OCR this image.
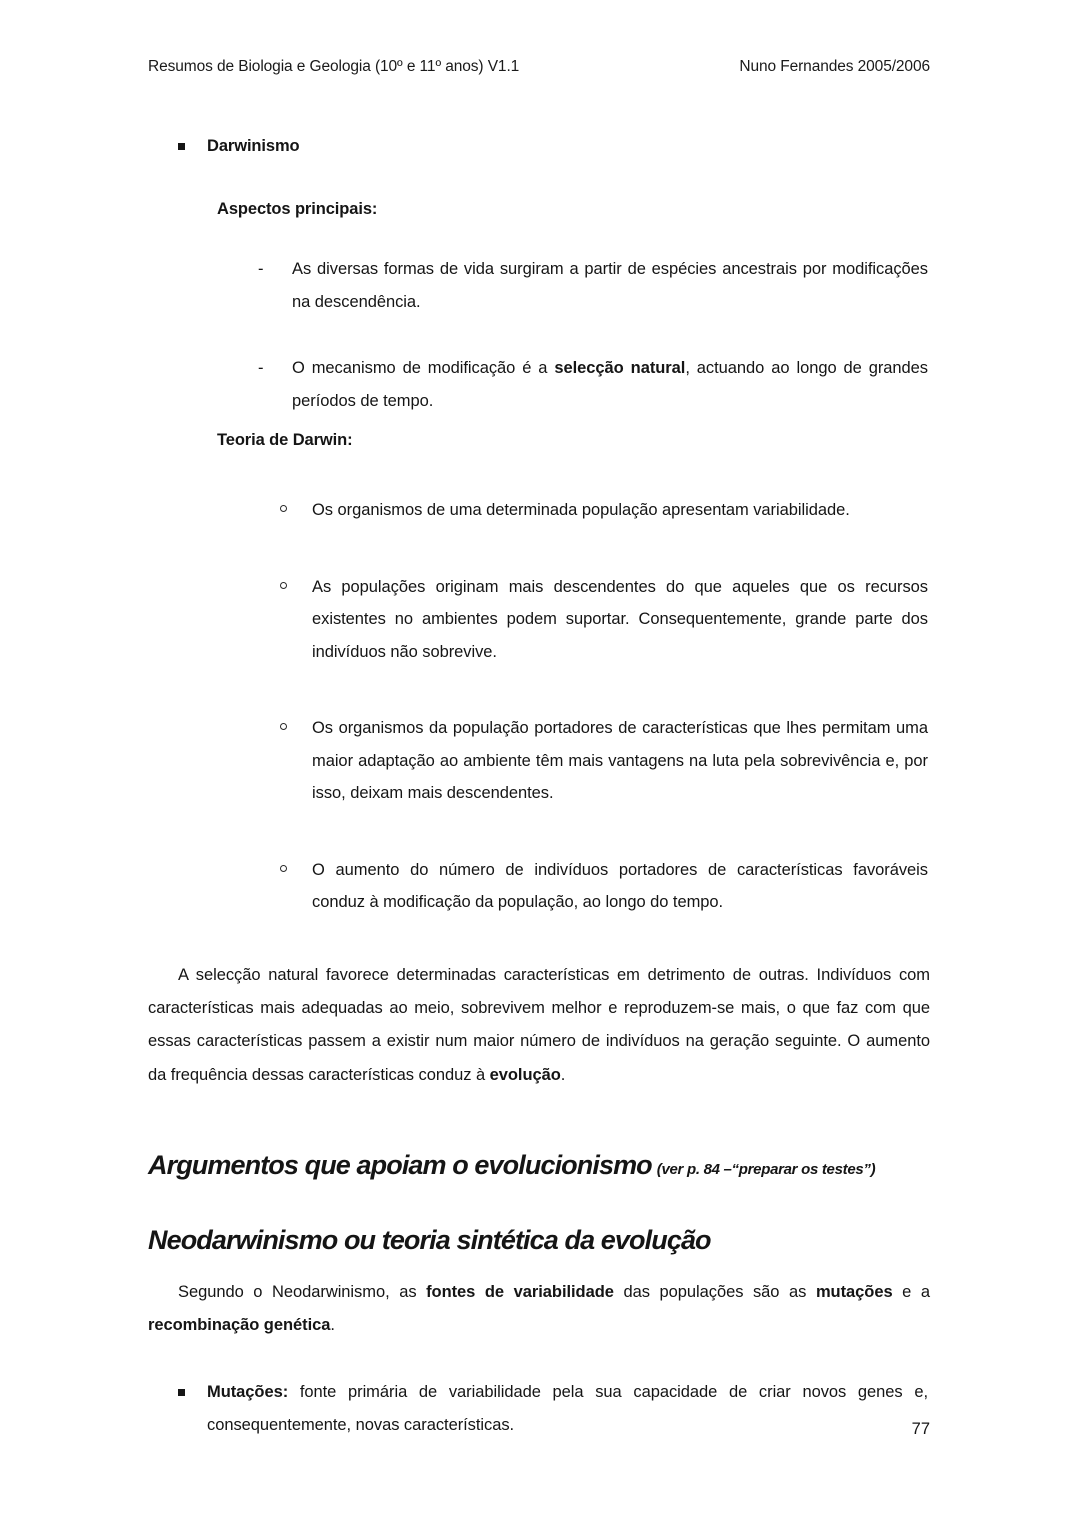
Resumos de Biologia e Geologia (10º e 11º anos) V1.1	Nuno Fernandes 2005/2006
Darwinismo
Aspectos principais:
- As diversas formas de vida surgiram a partir de espécies ancestrais por modificações na descendência.
- O mecanismo de modificação é a selecção natural, actuando ao longo de grandes períodos de tempo.
Teoria de Darwin:
Os organismos de uma determinada população apresentam variabilidade.
As populações originam mais descendentes do que aqueles que os recursos existentes no ambientes podem suportar. Consequentemente, grande parte dos indivíduos não sobrevive.
Os organismos da população portadores de características que lhes permitam uma maior adaptação ao ambiente têm mais vantagens na luta pela sobrevivência e, por isso, deixam mais descendentes.
O aumento do número de indivíduos portadores de características favoráveis conduz à modificação da população, ao longo do tempo.

A selecção natural favorece determinadas características em detrimento de outras. Indivíduos com características mais adequadas ao meio, sobrevivem melhor e reproduzem-se mais, o que faz com que essas características passem a existir num maior número de indivíduos na geração seguinte. O aumento da frequência dessas características conduz à evolução.

Argumentos que apoiam o evolucionismo (ver p. 84 –“preparar os testes”)
Neodarwinismo ou teoria sintética da evolução

Segundo o Neodarwinismo, as fontes de variabilidade das populações são as mutações e a recombinação genética.

Mutações: fonte primária de variabilidade pela sua capacidade de criar novos genes e, consequentemente, novas características.	77
